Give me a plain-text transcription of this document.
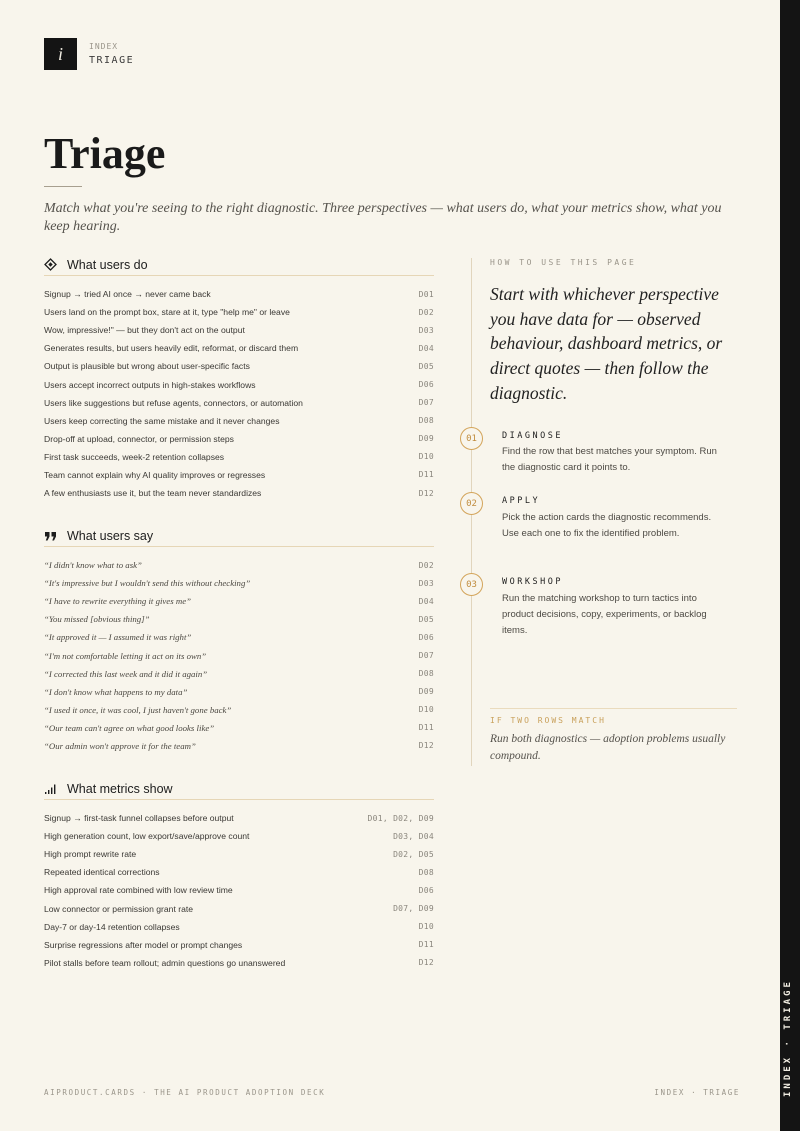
i	INDEX
TRIAGE
Triage

Match what you're seeing to the right diagnostic. Three perspectives — what users do, what your metrics show, what you keep hearing.

What users do
Signup → tried AI once → never came back	D01
Users land on the prompt box, stare at it, type "help me" or leave	D02
Wow, impressive!" — but they don't act on the output	D03
Generates results, but users heavily edit, reformat, or discard them	D04
Output is plausible but wrong about user-specific facts	D05
Users accept incorrect outputs in high-stakes workflows	D06
Users like suggestions but refuse agents, connectors, or automation	D07
Users keep correcting the same mistake and it never changes	D08
Drop-off at upload, connector, or permission steps	D09
First task succeeds, week-2 retention collapses	D10
Team cannot explain why AI quality improves or regresses	D11
A few enthusiasts use it, but the team never standardizes	D12
What users say
“I didn't know what to ask”	D02
“It's impressive but I wouldn't send this without checking”	D03
“I have to rewrite everything it gives me”	D04
“You missed [obvious thing]”	D05
“It approved it — I assumed it was right”	D06
“I'm not comfortable letting it act on its own”	D07
“I corrected this last week and it did it again”	D08
“I don't know what happens to my data”	D09
“I used it once, it was cool, I just haven't gone back”	D10
“Our team can't agree on what good looks like”	D11
“Our admin won't approve it for the team”	D12
What metrics show
Signup → first-task funnel collapses before output	D01, D02, D09
High generation count, low export/save/approve count	D03, D04
High prompt rewrite rate	D02, D05
Repeated identical corrections	D08
High approval rate combined with low review time	D06
Low connector or permission grant rate	D07, D09
Day-7 or day-14 retention collapses	D10
Surprise regressions after model or prompt changes	D11
Pilot stalls before team rollout; admin questions go unanswered	D12
HOW TO USE THIS PAGE
Start with whichever perspective you have data for — observed behaviour, dashboard metrics, or direct quotes — then follow the diagnostic.
01	DIAGNOSE
Find the row that best matches your symptom. Run the diagnostic card it points to.
02	APPLY
Pick the action cards the diagnostic recommends. Use each one to fix the identified problem.
03	WORKSHOP
Run the matching workshop to turn tactics into product decisions, copy, experiments, or backlog items.
IF TWO ROWS MATCH
Run both diagnostics — adoption problems usually compound.
AIPRODUCT.CARDS · THE AI PRODUCT ADOPTION DECK	INDEX · TRIAGE	INDEX · TRIAGE
